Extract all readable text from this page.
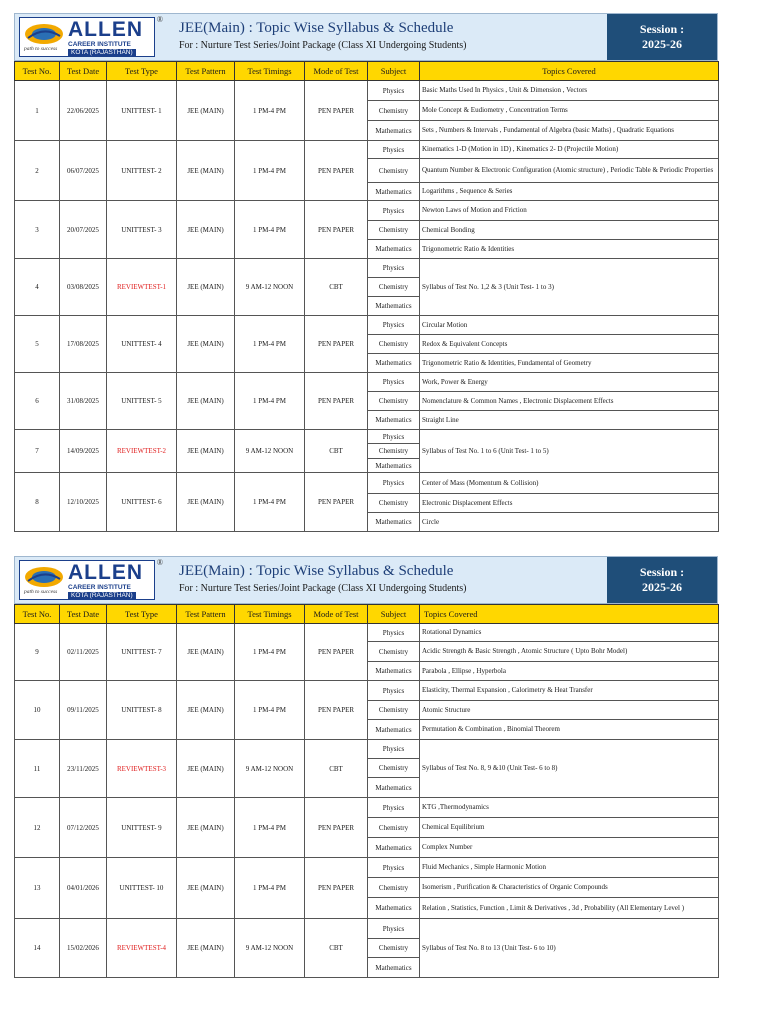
ALLEN ®
CAREER INSTITUTE
KOTA (RAJASTHAN)
path to success
JEE(Main) : Topic Wise Syllabus & Schedule
For : Nurture Test Series/Joint Package (Class XI Undergoing Students)
Session :
2025-26
Test No.	Test Date	Test Type	Test Pattern	Test Timings	Mode of Test	Subject	Topics Covered
1	22/06/2025	UNITTEST- 1	JEE (MAIN)	1 PM-4 PM	PEN PAPER	Physics	Basic Maths Used In Physics , Unit & Dimension , Vectors
						Chemistry	Mole Concept & Eudiometry , Concentration Terms
						Mathematics	Sets , Numbers & Intervals , Fundamental of Algebra (basic Maths) , Quadratic Equations
2	06/07/2025	UNITTEST- 2	JEE (MAIN)	1 PM-4 PM	PEN PAPER	Physics	Kinematics 1-D (Motion in 1D) , Kinematics 2- D (Projectile Motion)
						Chemistry	Quantum Number & Electronic Configuration (Atomic structure) , Periodic Table & Periodic Properties
						Mathematics	Logarithms , Sequence & Series
3	20/07/2025	UNITTEST- 3	JEE (MAIN)	1 PM-4 PM	PEN PAPER	Physics	Newton Laws of Motion and Friction
						Chemistry	Chemical Bonding
						Mathematics	Trigonometric Ratio & Identities
4	03/08/2025	REVIEWTEST-1	JEE (MAIN)	9 AM-12 NOON	CBT	Physics	Syllabus of Test No. 1,2 & 3 (Unit Test- 1 to 3)
						Chemistry	
						Mathematics	
5	17/08/2025	UNITTEST- 4	JEE (MAIN)	1 PM-4 PM	PEN PAPER	Physics	Circular Motion
						Chemistry	Redox & Equivalent Concepts
						Mathematics	Trigonometric Ratio & Identities, Fundamental of Geometry
6	31/08/2025	UNITTEST- 5	JEE (MAIN)	1 PM-4 PM	PEN PAPER	Physics	Work, Power & Energy
						Chemistry	Nomenclature & Common Names , Electronic Displacement Effects
						Mathematics	Straight Line
7	14/09/2025	REVIEWTEST-2	JEE (MAIN)	9 AM-12 NOON	CBT	Physics	Syllabus of Test No. 1 to 6 (Unit Test- 1 to 5)
						Chemistry	
						Mathematics	
8	12/10/2025	UNITTEST- 6	JEE (MAIN)	1 PM-4 PM	PEN PAPER	Physics	Center of Mass (Momentum & Collision)
						Chemistry	Electronic Displacement Effects
						Mathematics	Circle
ALLEN ®
CAREER INSTITUTE
KOTA (RAJASTHAN)
path to success
JEE(Main) : Topic Wise Syllabus & Schedule
For : Nurture Test Series/Joint Package (Class XI Undergoing Students)
Session :
2025-26
Test No.	Test Date	Test Type	Test Pattern	Test Timings	Mode of Test	Subject	Topics Covered
9	02/11/2025	UNITTEST- 7	JEE (MAIN)	1 PM-4 PM	PEN PAPER	Physics	Rotational Dynamics
						Chemistry	Acidic Strength & Basic Strength , Atomic Structure ( Upto Bohr Model)
						Mathematics	Parabola , Ellipse , Hyperbola
10	09/11/2025	UNITTEST- 8	JEE (MAIN)	1 PM-4 PM	PEN PAPER	Physics	Elasticity, Thermal Expansion , Calorimetry & Heat Transfer
						Chemistry	Atomic Structure
						Mathematics	Permutation & Combination , Binomial Theorem
11	23/11/2025	REVIEWTEST-3	JEE (MAIN)	9 AM-12 NOON	CBT	Physics	Syllabus of Test No. 8, 9 &10 (Unit Test- 6 to 8)
						Chemistry	
						Mathematics	
12	07/12/2025	UNITTEST- 9	JEE (MAIN)	1 PM-4 PM	PEN PAPER	Physics	KTG ,Thermodynamics
						Chemistry	Chemical Equilibrium
						Mathematics	Complex Number
13	04/01/2026	UNITTEST- 10	JEE (MAIN)	1 PM-4 PM	PEN PAPER	Physics	Fluid Mechanics , Simple Harmonic Motion
						Chemistry	Isomerism , Purification & Characteristics of Organic Compounds
						Mathematics	Relation , Statistics, Function , Limit & Derivatives , 3d , Probability (All Elementary Level )
14	15/02/2026	REVIEWTEST-4	JEE (MAIN)	9 AM-12 NOON	CBT	Physics	Syllabus of Test No. 8 to 13 (Unit Test- 6 to 10)
						Chemistry	
						Mathematics	
